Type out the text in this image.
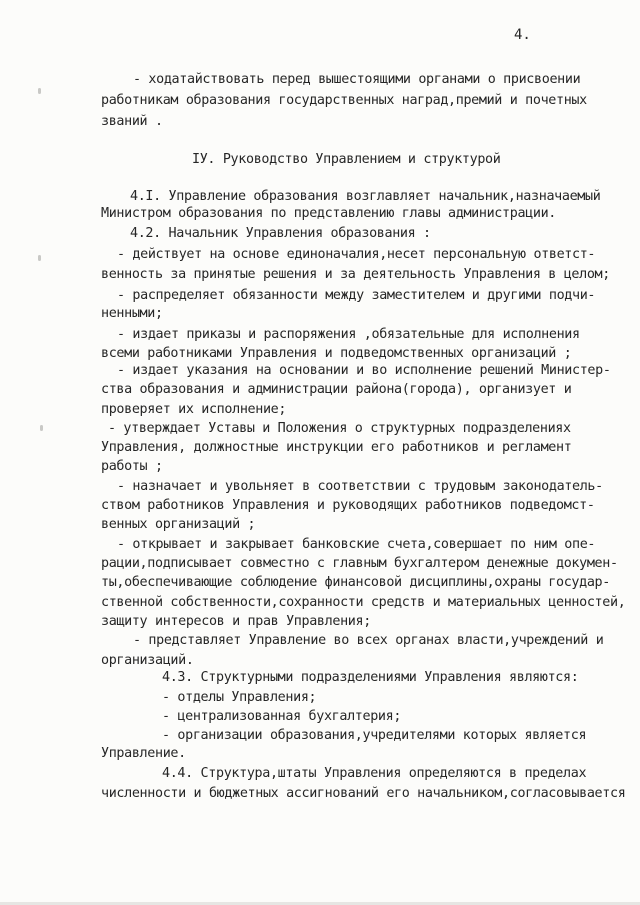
4.
- ходатайствовать перед вышестоящими органами о присвоении
работникам образования государственных наград,премий и почетных
званий .
IУ. Руководство Управлением и структурой
4.I. Управление образования возглавляет начальник,назначаемый
Министром образования по представлению главы администрации.
4.2. Начальник Управления образования :
- действует на основе единоначалия,несет персональную ответст-
венность за принятые решения и за деятельность Управления в целом;
- распределяет обязанности между заместителем и другими подчи-
ненными;
- издает приказы и распоряжения ,обязательные для исполнения
всеми работниками Управления и подведомственных организаций ;
- издает указания на основании и во исполнение решений Министер-
ства образования и администрации района(города), организует и
проверяет их исполнение;
- утверждает Уставы и Положения о структурных подразделениях
Управления, должностные инструкции его работников и регламент
работы ;
- назначает и увольняет в соответствии с трудовым законодатель-
ством работников Управления и руководящих работников подведомст-
венных организаций ;
- открывает и закрывает банковские счета,совершает по ним опе-
рации,подписывает совместно с главным бухгалтером денежные докумен-
ты,обеспечивающие соблюдение финансовой дисциплины,охраны государ-
ственной собственности,сохранности средств и материальных ценностей,
защиту интересов и прав Управления;
- представляет Управление во всех органах власти,учреждений и
организаций.
4.3. Структурными подразделениями Управления являются:
- отделы Управления;
- централизованная бухгалтерия;
- организации образования,учредителями которых является
Управление.
4.4. Структура,штаты Управления определяются в пределах
численности и бюджетных ассигнований его начальником,согласовывается
